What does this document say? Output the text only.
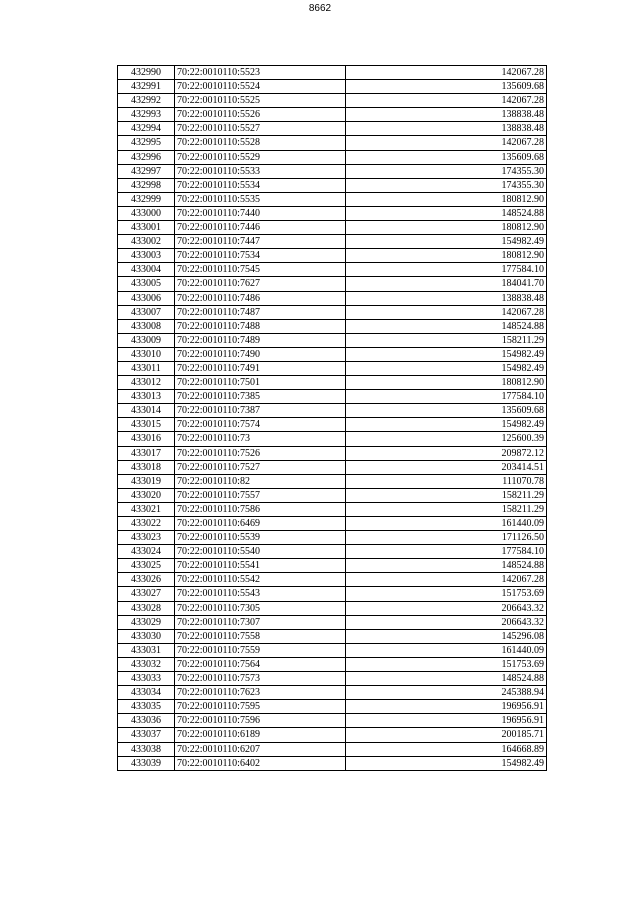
8662
432990	70:22:0010110:5523	142067.28
432991	70:22:0010110:5524	135609.68
432992	70:22:0010110:5525	142067.28
432993	70:22:0010110:5526	138838.48
432994	70:22:0010110:5527	138838.48
432995	70:22:0010110:5528	142067.28
432996	70:22:0010110:5529	135609.68
432997	70:22:0010110:5533	174355.30
432998	70:22:0010110:5534	174355.30
432999	70:22:0010110:5535	180812.90
433000	70:22:0010110:7440	148524.88
433001	70:22:0010110:7446	180812.90
433002	70:22:0010110:7447	154982.49
433003	70:22:0010110:7534	180812.90
433004	70:22:0010110:7545	177584.10
433005	70:22:0010110:7627	184041.70
433006	70:22:0010110:7486	138838.48
433007	70:22:0010110:7487	142067.28
433008	70:22:0010110:7488	148524.88
433009	70:22:0010110:7489	158211.29
433010	70:22:0010110:7490	154982.49
433011	70:22:0010110:7491	154982.49
433012	70:22:0010110:7501	180812.90
433013	70:22:0010110:7385	177584.10
433014	70:22:0010110:7387	135609.68
433015	70:22:0010110:7574	154982.49
433016	70:22:0010110:73	125600.39
433017	70:22:0010110:7526	209872.12
433018	70:22:0010110:7527	203414.51
433019	70:22:0010110:82	111070.78
433020	70:22:0010110:7557	158211.29
433021	70:22:0010110:7586	158211.29
433022	70:22:0010110:6469	161440.09
433023	70:22:0010110:5539	171126.50
433024	70:22:0010110:5540	177584.10
433025	70:22:0010110:5541	148524.88
433026	70:22:0010110:5542	142067.28
433027	70:22:0010110:5543	151753.69
433028	70:22:0010110:7305	206643.32
433029	70:22:0010110:7307	206643.32
433030	70:22:0010110:7558	145296.08
433031	70:22:0010110:7559	161440.09
433032	70:22:0010110:7564	151753.69
433033	70:22:0010110:7573	148524.88
433034	70:22:0010110:7623	245388.94
433035	70:22:0010110:7595	196956.91
433036	70:22:0010110:7596	196956.91
433037	70:22:0010110:6189	200185.71
433038	70:22:0010110:6207	164668.89
433039	70:22:0010110:6402	154982.49
